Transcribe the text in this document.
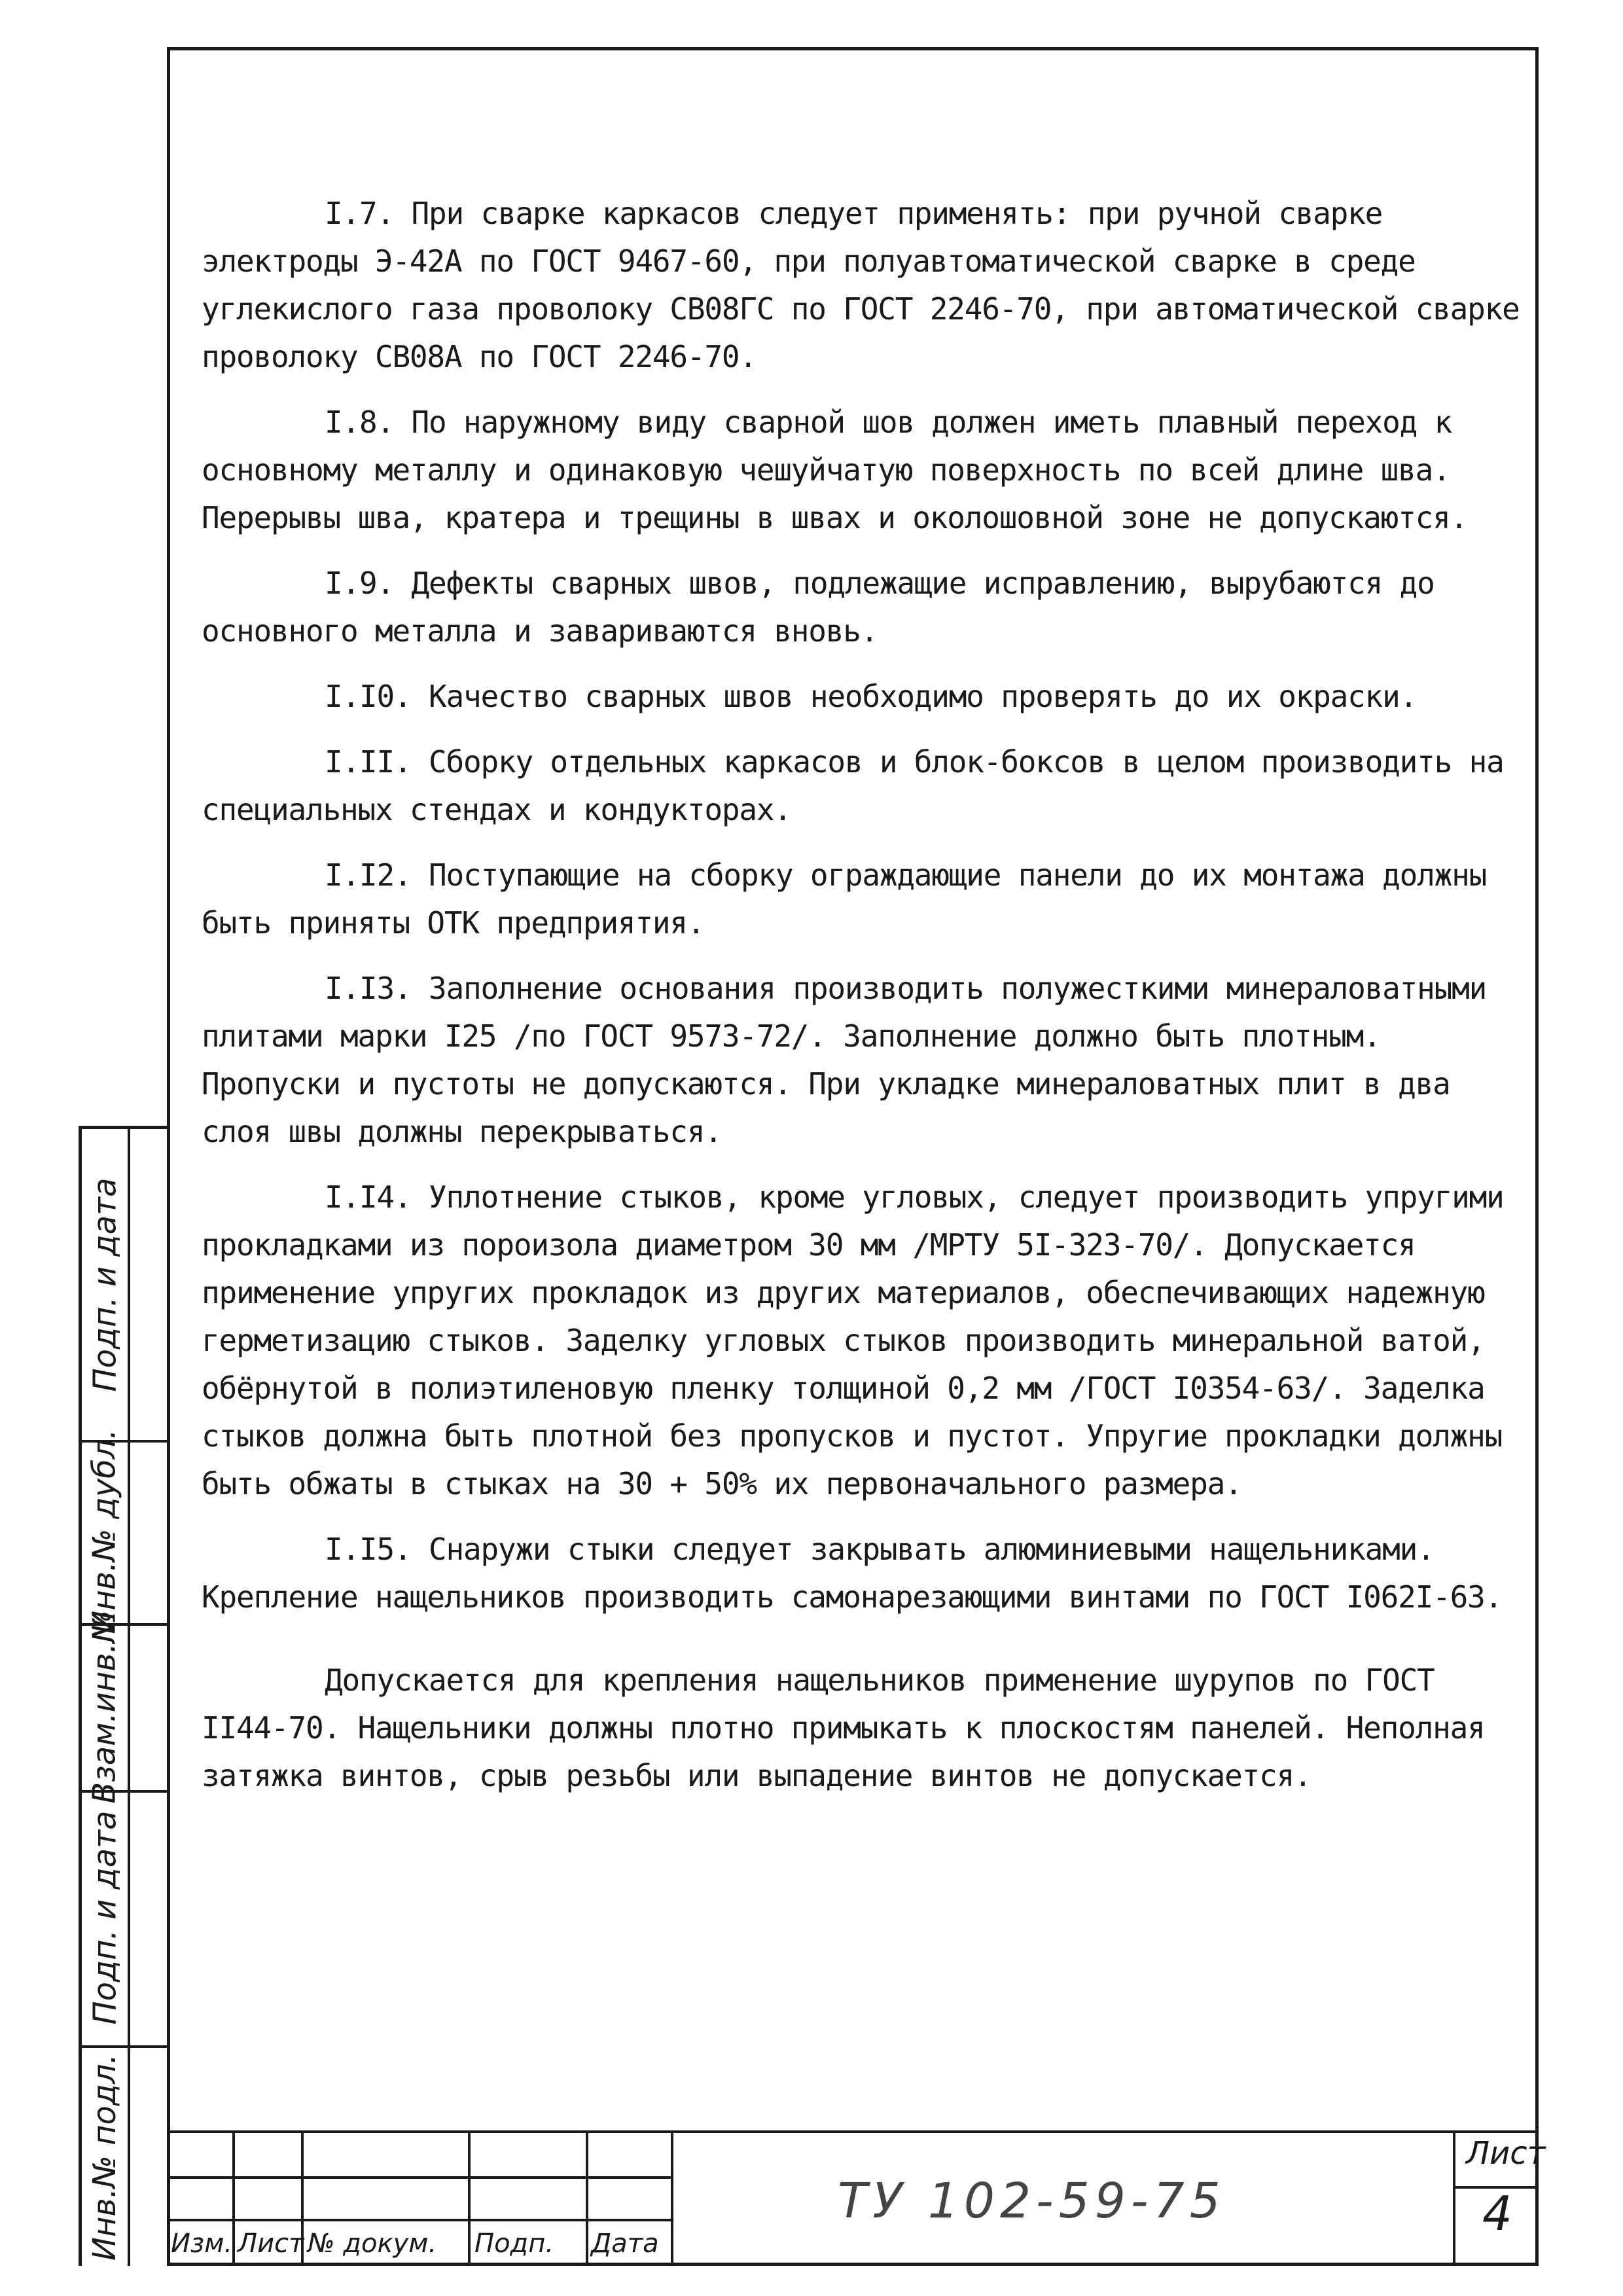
I.7. При сварке каркасов следует применять: при ручной сварке электроды Э-42А по ГОСТ 9467-60, при полуавтоматической сварке в среде углекислого газа проволоку СВ08ГС по ГОСТ 2246-70, при автоматической сварке проволоку СВ08А по ГОСТ 2246-70.

I.8. По наружному виду сварной шов должен иметь плавный переход к основному металлу и одинаковую чешуйчатую поверхность по всей длине шва. Перерывы шва, кратера и трещины в швах и околошовной зоне не допускаются.

I.9. Дефекты сварных швов, подлежащие исправлению, вырубаются до основного металла и завариваются вновь.

I.I0. Качество сварных швов необходимо проверять до их окраски.

I.II. Сборку отдельных каркасов и блок-боксов в целом производить на специальных стендах и кондукторах.

I.I2. Поступающие на сборку ограждающие панели до их монтажа должны быть приняты ОТК предприятия.

I.I3. Заполнение основания производить полужесткими минераловатными плитами марки I25 /по ГОСТ 9573-72/. Заполнение должно быть плотным. Пропуски и пустоты не допускаются. При укладке минераловатных плит в два слоя швы должны перекрываться.

I.I4. Уплотнение стыков, кроме угловых, следует производить упругими прокладками из пороизола диаметром 30 мм /МРТУ 5I-323-70/. Допускается применение упругих прокладок из других материалов, обеспечивающих надежную герметизацию стыков. Заделку угловых стыков производить минеральной ватой, обёрнутой в полиэтиленовую пленку толщиной 0,2 мм /ГОСТ I0354-63/. Заделка стыков должна быть плотной без пропусков и пустот. Упругие прокладки должны быть обжаты в стыках на 30 + 50% их первоначального размера.

I.I5. Снаружи стыки следует закрывать алюминиевыми нащельниками. Крепление нащельников производить самонарезающими винтами по ГОСТ I062I-63.

Допускается для крепления нащельников применение шурупов по ГОСТ II44-70. Нащельники должны плотно примыкать к плоскостям панелей. Неполная затяжка винтов, срыв резьбы или выпадение винтов не допускается.

Подп. и дата
Инв.№ дубл.
Взам.инв.№
Подп. и дата
Инв.№ подл. Изм. Лист № докум. Подп. Дата
ТУ 102-59-75
Лист
4
